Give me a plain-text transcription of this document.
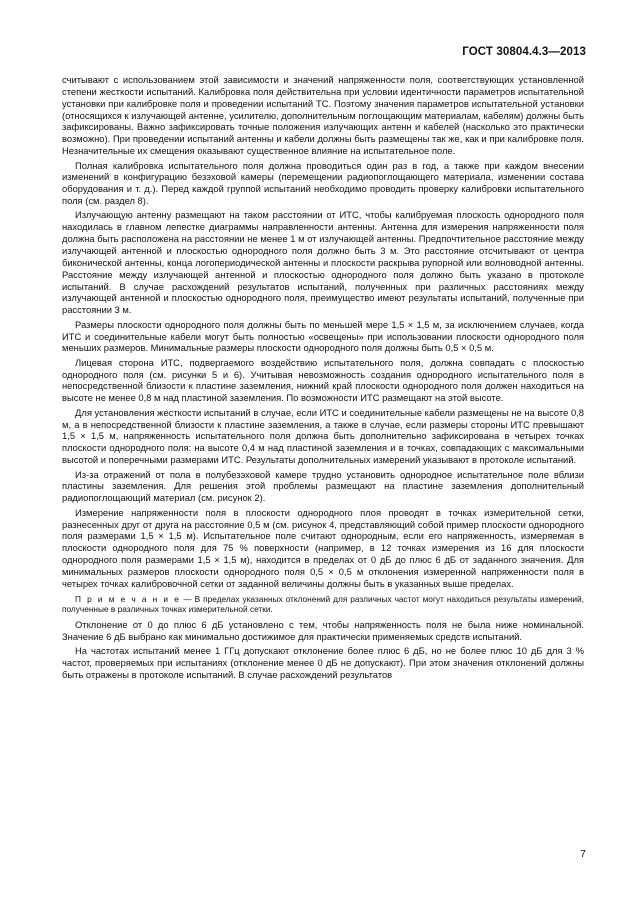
ГОСТ 30804.4.3—2013

считывают с использованием этой зависимости и значений напряженности поля, соответствующих установленной степени жесткости испытаний. Калибровка поля действительна при условии идентичности параметров испытательной установки при калибровке поля и проведении испытаний ТС. Поэтому значения параметров испытательной установки (относящихся к излучающей антенне, усилителю, дополнительным поглощающим материалам, кабелям) должны быть зафиксированы. Важно зафиксировать точные положения излучающих антенн и кабелей (насколько это практически возможно). При проведении испытаний антенны и кабели должны быть размещены так же, как и при калибровке поля. Незначительные их смещения оказывают существенное влияние на испытательное поле.

Полная калибровка испытательного поля должна проводиться один раз в год, а также при каждом внесении изменений в конфигурацию безэховой камеры (перемещении радиопоглощающего материала, изменении состава оборудования и т. д.). Перед каждой группой испытаний необходимо проводить проверку калибровки испытательного поля (см. раздел 8).

Излучающую антенну размещают на таком расстоянии от ИТС, чтобы калибруемая плоскость однородного поля находилась в главном лепестке диаграммы направленности антенны. Антенна для измерения напряженности поля должна быть расположена на расстоянии не менее 1 м от излучающей антенны. Предпочтительное расстояние между излучающей антенной и плоскостью однородного поля должно быть 3 м. Это расстояние отсчитывают от центра биконической антенны, конца логопериодической антенны и плоскости раскрыва рупорной или волноводной антенны. Расстояние между излучающей антенной и плоскостью однородного поля должно быть указано в протоколе испытаний. В случае расхождений результатов испытаний, полученных при различных расстояниях между излучающей антенной и плоскостью однородного поля, преимущество имеют результаты испытаний, полученные при расстоянии 3 м.

Размеры плоскости однородного поля должны быть по меньшей мере 1,5 × 1,5 м, за исключением случаев, когда ИТС и соединительные кабели могут быть полностью «освещены» при использовании плоскости однородного поля меньших размеров. Минимальные размеры плоскости однородного поля должны быть 0,5 × 0,5 м.

Лицевая сторона ИТС, подвергаемого воздействию испытательного поля, должна совпадать с плоскостью однородного поля (см. рисунки 5 и 6). Учитывая невозможность создания однородного испытательного поля в непосредственной близости к пластине заземления, нижний край плоскости однородного поля должен находиться на высоте не менее 0,8 м над пластиной заземления. По возможности ИТС размещают на этой высоте.

Для установления жесткости испытаний в случае, если ИТС и соединительные кабели размещены не на высоте 0,8 м, а в непосредственной близости к пластине заземления, а также в случае, если размеры стороны ИТС превышают 1,5 × 1,5 м, напряженность испытательного поля должна быть дополнительно зафиксирована в четырех точках плоскости однородного поля: на высоте 0,4 м над пластиной заземления и в точках, совпадающих с максимальными высотой и поперечными размерами ИТС. Результаты дополнительных измерений указывают в протоколе испытаний.

Из-за отражений от пола в полубезэховой камере трудно установить однородное испытательное поле вблизи пластины заземления. Для решения этой проблемы размещают на пластине заземления дополнительный радиопоглощающий материал (см. рисунок 2).

Измерение напряженности поля в плоскости однородного плоя проводят в точках измерительной сетки, разнесенных друг от друга на расстояние 0,5 м (см. рисунок 4, представляющий собой пример плоскости однородного поля размерами 1,5 × 1,5 м). Испытательное поле считают однородным, если его напряженность, измеряемая в плоскости однородного поля для 75 % поверхности (например, в 12 точках измерения из 16 для плоскости однородного поля размерами 1,5 × 1,5 м), находится в пределах от 0 дБ до плюс 6 дБ от заданного значения. Для минимальных размеров плоскости однородного поля 0,5 × 0,5 м отклонения измеренной напряженности поля в четырех точках калибровочной сетки от заданной величины должны быть в указанных выше пределах.

П р и м е ч а н и е — В пределах указанных отклонений для различных частот могут находиться результаты измерений, полученные в различных точках измерительной сетки.

Отклонение от 0 до плюс 6 дБ установлено с тем, чтобы напряженность поля не была ниже номинальной. Значение 6 дБ выбрано как минимально достижимое для практически применяемых средств испытаний.

На частотах испытаний менее 1 ГГц допускают отклонение более плюс 6 дБ, но не более плюс 10 дБ для 3 % частот, проверяемых при испытаниях (отклонение менее 0 дБ не допускают). При этом значения отклонений должны быть отражены в протоколе испытаний. В случае расхождений результатов

7
